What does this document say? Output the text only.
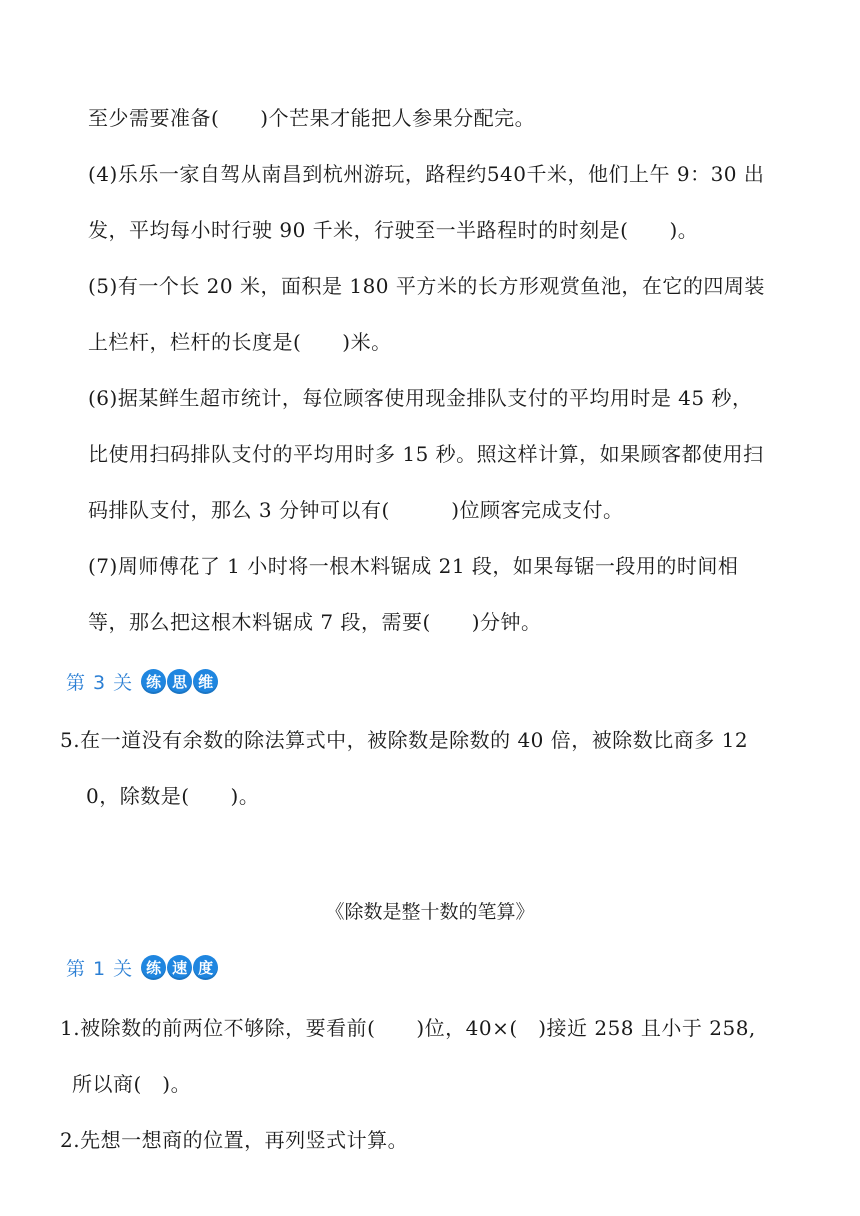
至少需要准备(　　)个芒果才能把人参果分配完。
(4)乐乐一家自驾从南昌到杭州游玩，路程约540千米，他们上午 9：30 出
发，平均每小时行驶 90 千米，行驶至一半路程时的时刻是(　　)。
(5)有一个长 20 米，面积是 180 平方米的长方形观赏鱼池，在它的四周装
上栏杆，栏杆的长度是(　　)米。
(6)据某鲜生超市统计，每位顾客使用现金排队支付的平均用时是 45 秒，
比使用扫码排队支付的平均用时多 15 秒。照这样计算，如果顾客都使用扫
码排队支付，那么 3 分钟可以有(　　　)位顾客完成支付。
(7)周师傅花了 1 小时将一根木料锯成 21 段，如果每锯一段用的时间相
等，那么把这根木料锯成 7 段，需要(　　)分钟。
第 3 关 练 思 维
5.在一道没有余数的除法算式中，被除数是除数的 40 倍，被除数比商多 12
0，除数是(　　)。
《除数是整十数的笔算》
第 1 关 练 速 度
1.被除数的前两位不够除，要看前(　　)位，40×(　)接近 258 且小于 258,
所以商(　)。
2.先想一想商的位置，再列竖式计算。
